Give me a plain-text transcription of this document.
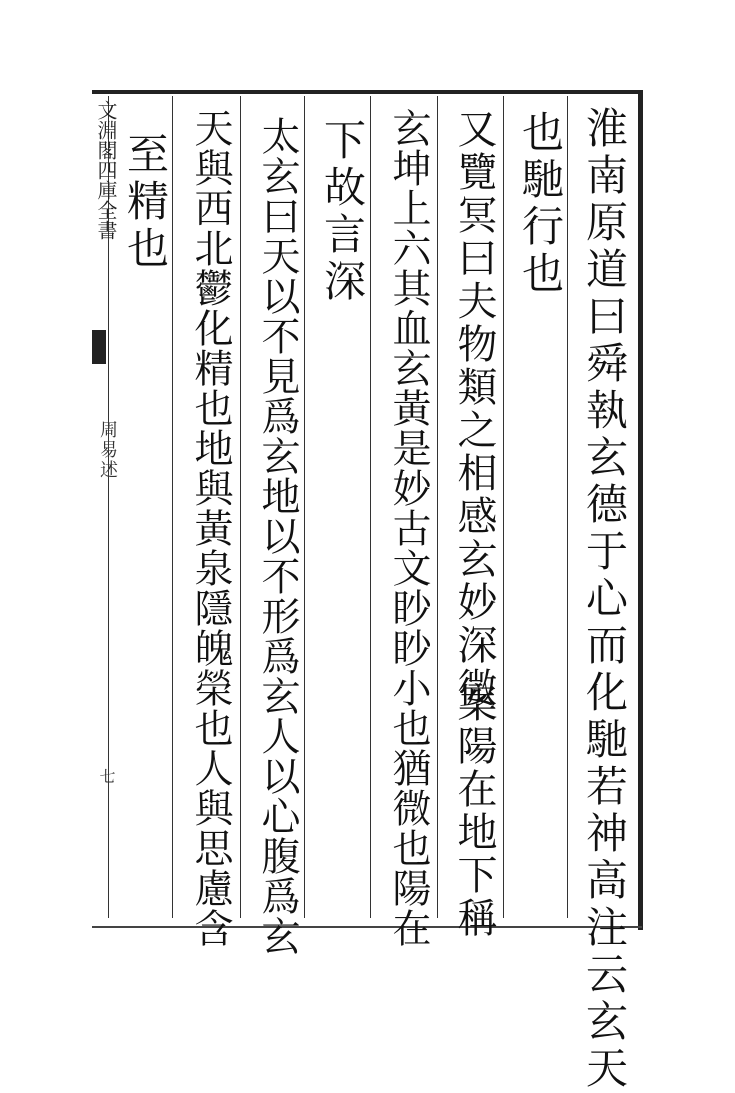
淮南原道曰舜執玄德于心而化馳若神高注云玄天
也馳行也
又覽冥曰夫物類之相感玄妙深微
案陽在地下稱
玄坤上六其血玄黃是妙古文眇眇小也猶微也陽在
下故言深
太玄曰天以不見爲玄地以不形爲玄人以心腹爲玄
天與西北鬱化精也地與黃泉隱魄榮也人與思慮含
至精也
文淵閣四庫全書
周易述
七
